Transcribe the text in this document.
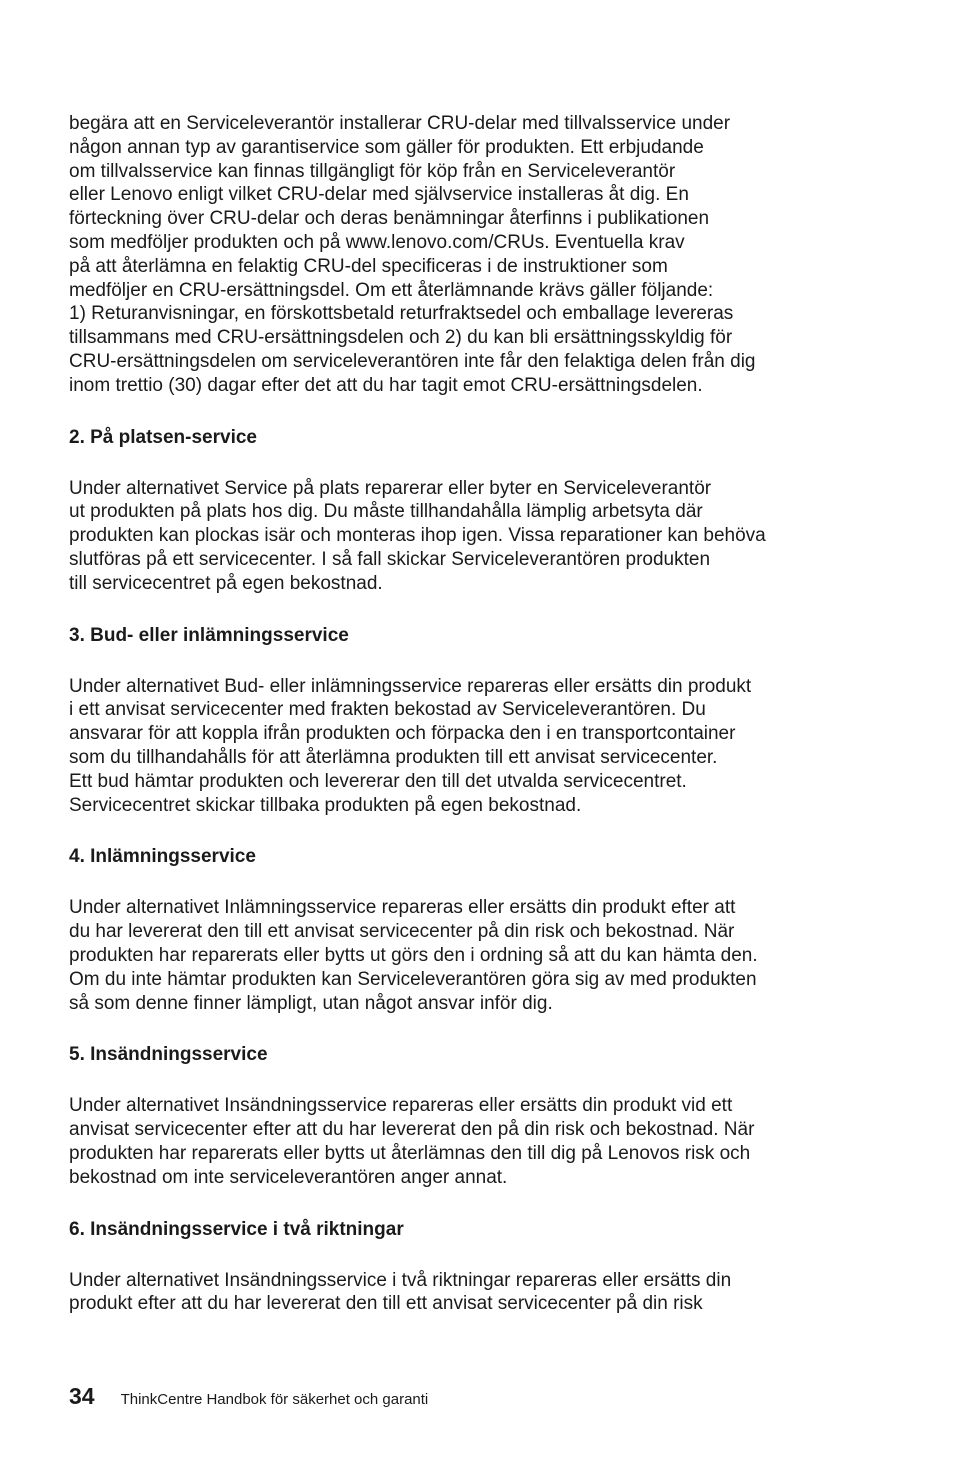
begära att en Serviceleverantör installerar CRU-delar med tillvalsservice under

någon annan typ av garantiservice som gäller för produkten. Ett erbjudande

om tillvalsservice kan finnas tillgängligt för köp från en Serviceleverantör

eller Lenovo enligt vilket CRU-delar med självservice installeras åt dig. En

förteckning över CRU-delar och deras benämningar återfinns i publikationen

som medföljer produkten och på www.lenovo.com/CRUs. Eventuella krav

på att återlämna en felaktig CRU-del specificeras i de instruktioner som

medföljer en CRU-ersättningsdel. Om ett återlämnande krävs gäller följande:

1) Returanvisningar, en förskottsbetald returfraktsedel och emballage levereras

tillsammans med CRU-ersättningsdelen och 2) du kan bli ersättningsskyldig för

CRU-ersättningsdelen om serviceleverantören inte får den felaktiga delen från dig

inom trettio (30) dagar efter det att du har tagit emot CRU-ersättningsdelen.

2. På platsen-service

Under alternativet Service på plats reparerar eller byter en Serviceleverantör

ut produkten på plats hos dig. Du måste tillhandahålla lämplig arbetsyta där

produkten kan plockas isär och monteras ihop igen. Vissa reparationer kan behöva

slutföras på ett servicecenter. I så fall skickar Serviceleverantören produkten

till servicecentret på egen bekostnad.

3. Bud- eller inlämningsservice

Under alternativet Bud- eller inlämningsservice repareras eller ersätts din produkt

i ett anvisat servicecenter med frakten bekostad av Serviceleverantören. Du

ansvarar för att koppla ifrån produkten och förpacka den i en transportcontainer

som du tillhandahålls för att återlämna produkten till ett anvisat servicecenter.

Ett bud hämtar produkten och levererar den till det utvalda servicecentret.

Servicecentret skickar tillbaka produkten på egen bekostnad.

4. Inlämningsservice

Under alternativet Inlämningsservice repareras eller ersätts din produkt efter att

du har levererat den till ett anvisat servicecenter på din risk och bekostnad. När

produkten har reparerats eller bytts ut görs den i ordning så att du kan hämta den.

Om du inte hämtar produkten kan Serviceleverantören göra sig av med produkten

så som denne finner lämpligt, utan något ansvar inför dig.

5. Insändningsservice

Under alternativet Insändningsservice repareras eller ersätts din produkt vid ett

anvisat servicecenter efter att du har levererat den på din risk och bekostnad. När

produkten har reparerats eller bytts ut återlämnas den till dig på Lenovos risk och

bekostnad om inte serviceleverantören anger annat.

6. Insändningsservice i två riktningar

Under alternativet Insändningsservice i två riktningar repareras eller ersätts din

produkt efter att du har levererat den till ett anvisat servicecenter på din risk

34 ThinkCentre Handbok för säkerhet och garanti
